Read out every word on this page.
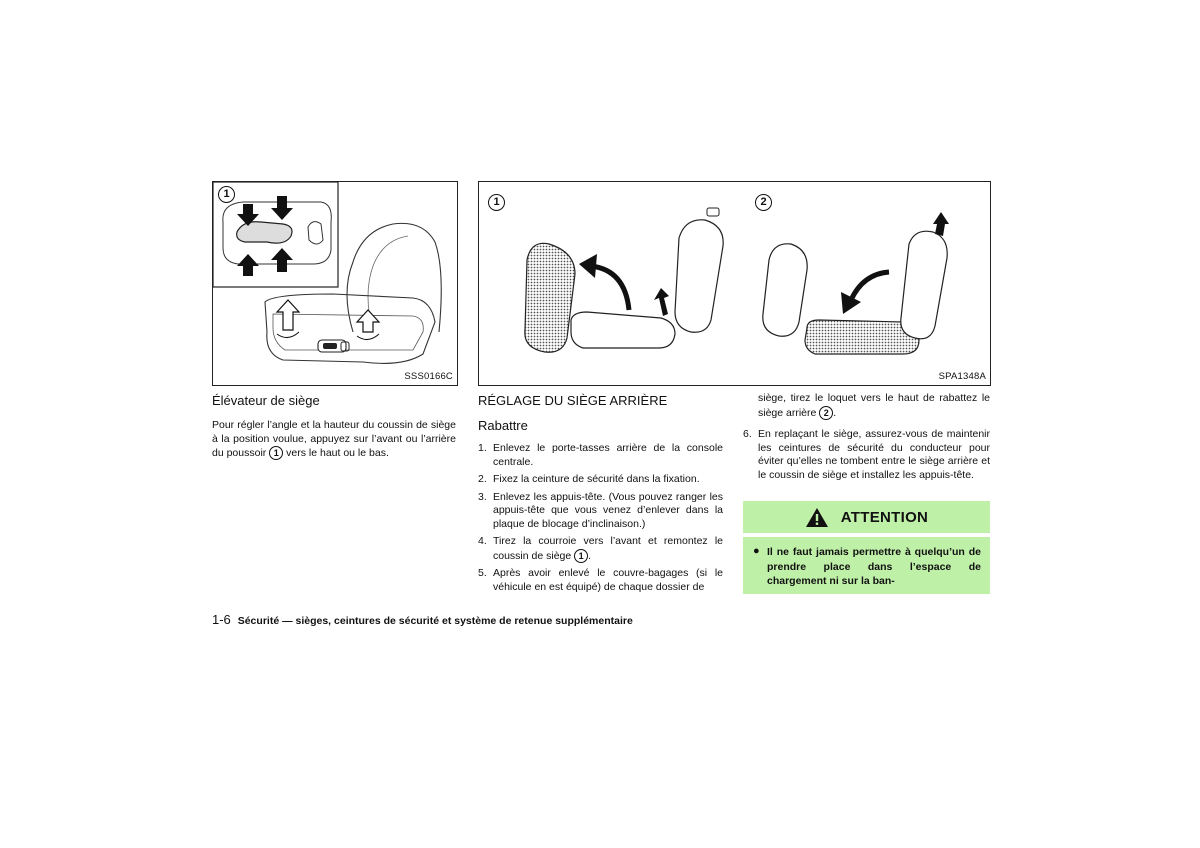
1
SSS0166C
1	2
SPA1348A
Élévateur de siège
Pour régler l’angle et la hauteur du coussin de siège à la position voulue, appuyez sur l’avant ou l’arrière du poussoir 1 vers le haut ou le bas.
RÉGLAGE DU SIÈGE ARRIÈRE
Rabattre
1. Enlevez le porte-tasses arrière de la console centrale.
2. Fixez la ceinture de sécurité dans la fixation.
3. Enlevez les appuis-tête. (Vous pouvez ranger les appuis-tête que vous venez d’enlever dans la plaque de blocage d’inclinaison.)
4. Tirez la courroie vers l’avant et remontez le coussin de siège 1 .
5. Après avoir enlevé le couvre-bagages (si le véhicule en est équipé) de chaque dossier de
siège, tirez le loquet vers le haut de rabattez le siège arrière 2 .
6. En replaçant le siège, assurez-vous de maintenir les ceintures de sécurité du conducteur pour éviter qu’elles ne tombent entre le siège arrière et le coussin de siège et installez les appuis-tête.
ATTENTION
● Il ne faut jamais permettre à quelqu’un de prendre place dans l’espace de chargement ni sur la ban-
1-6 Sécurité — sièges, ceintures de sécurité et système de retenue supplémentaire
